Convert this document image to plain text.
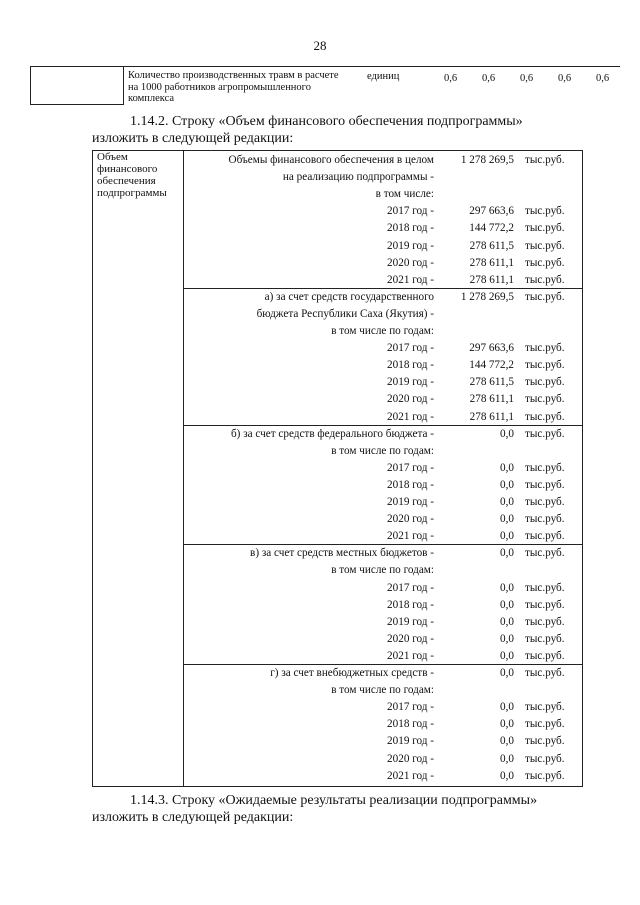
28
Количество производственных травм в расчете на 1000 работников агропромышленного комплекса
единиц	0,6 0,6 0,6 0,6 0,6
1.14.2. Строку «Объем финансового обеспечения подпрограммы»
изложить в следующей редакции:
Объем финансового обеспечения подпрограммы
Объемы финансового обеспечения в целом 1 278 269,5 тыс.руб.
на реализацию подпрограммы -
в том числе:
2017 год -	297 663,6 тыс.руб.
2018 год -	144 772,2 тыс.руб.
2019 год -	278 611,5 тыс.руб.
2020 год -	278 611,1 тыс.руб.
2021 год -	278 611,1 тыс.руб.
а) за счет средств государственного 1 278 269,5 тыс.руб.
бюджета Республики Саха (Якутия) -
в том числе по годам:
2017 год -	297 663,6 тыс.руб.
2018 год -	144 772,2 тыс.руб.
2019 год -	278 611,5 тыс.руб.
2020 год -	278 611,1 тыс.руб.
2021 год -	278 611,1 тыс.руб.
б) за счет средств федерального бюджета -	0,0 тыс.руб.
в том числе по годам:
2017 год -	0,0 тыс.руб.
2018 год -	0,0 тыс.руб.
2019 год -	0,0 тыс.руб.
2020 год -	0,0 тыс.руб.
2021 год -	0,0 тыс.руб.
в) за счет средств местных бюджетов -	0,0 тыс.руб.
в том числе по годам:
2017 год -	0,0 тыс.руб.
2018 год -	0,0 тыс.руб.
2019 год -	0,0 тыс.руб.
2020 год -	0,0 тыс.руб.
2021 год -	0,0 тыс.руб.
г) за счет внебюджетных средств -	0,0 тыс.руб.
в том числе по годам:
2017 год -	0,0 тыс.руб.
2018 год -	0,0 тыс.руб.
2019 год -	0,0 тыс.руб.
2020 год -	0,0 тыс.руб.
2021 год -	0,0 тыс.руб.
1.14.3. Строку «Ожидаемые результаты реализации подпрограммы»
изложить в следующей редакции:
